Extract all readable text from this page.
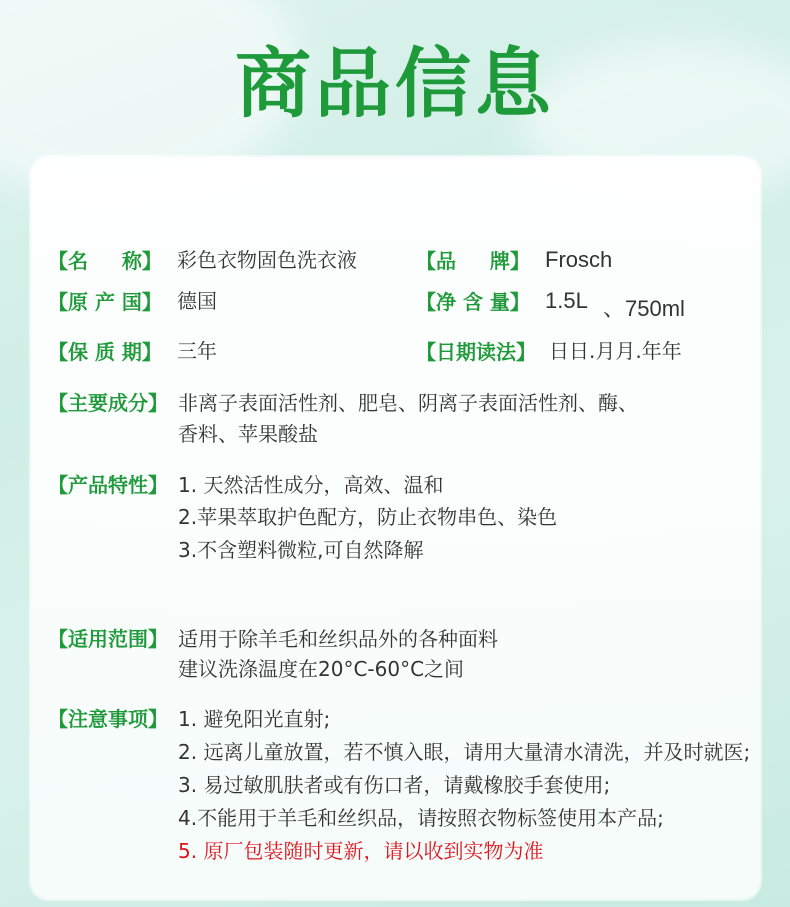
商品信息
【名　  称】 彩色衣物固色洗衣液	【品　  牌】 Frosch
【原 产 国】 德国	【净 含 量】 1.5L 、750ml
【保 质 期】 三年	【日期读法】 日日.月月.年年
【主要成分】 非离子表面活性剂、肥皂、阴离子表面活性剂、酶、
香料、苹果酸盐
【产品特性】 1. 天然活性成分，高效、温和
2.苹果萃取护色配方，防止衣物串色、染色
3.不含塑料微粒,可自然降解
【适用范围】 适用于除羊毛和丝织品外的各种面料
建议洗涤温度在20°C-60°C之间
【注意事项】 1. 避免阳光直射;
2. 远离儿童放置，若不慎入眼，请用大量清水清洗，并及时就医;
3. 易过敏肌肤者或有伤口者，请戴橡胶手套使用;
4.不能用于羊毛和丝织品，请按照衣物标签使用本产品;
5. 原厂包装随时更新，请以收到实物为准
